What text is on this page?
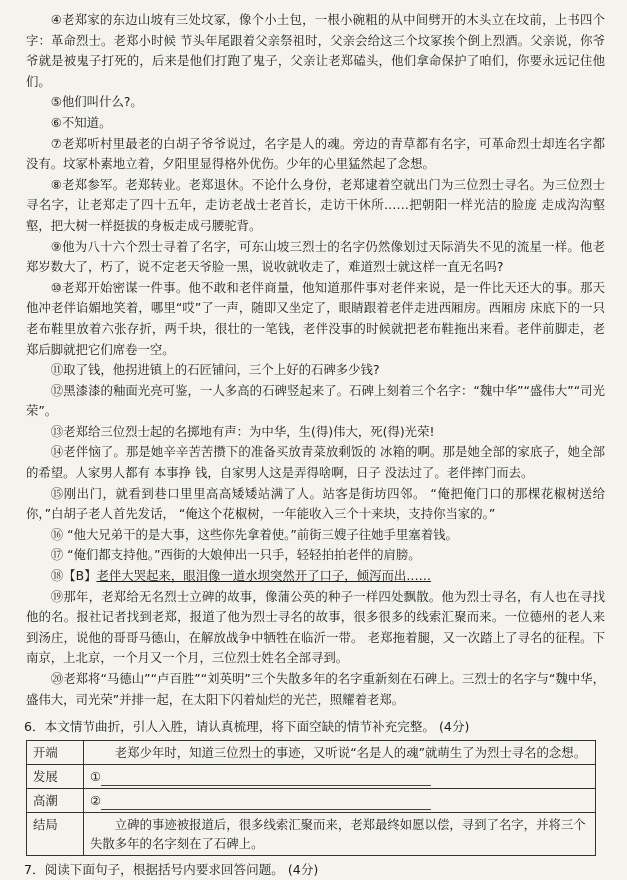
④老郑家的东边山坡有三处坟冢，像个小土包，一根小碗粗的从中间劈开的木头立在坟前，上书四个字：革命烈士。老郑小时候 节头年尾跟着父亲祭祖时，父亲会给这三个坟冢挨个倒上烈酒。父亲说，你爷爷就是被鬼子打死的，后来是他们打跑了鬼子，父亲让老郑磕头，他们拿命保护了咱们，你要永远记住他们。

⑤他们叫什么?。

⑥不知道。

⑦老郑听村里最老的白胡子爷爷说过，名字是人的魂。旁边的青草都有名字，可革命烈士却连名字都没有。坟冢朴素地立着，夕阳里显得格外优伤。少年的心里猛然起了念想。

⑧老郑参军。老郑转业。老郑退休。不论什么身份，老郑逮着空就出门为三位烈士寻名。为三位烈士寻名字，让老郑走了四十五年，走访老战士老首长，走访干休所……把朝阳一样光洁的脸庞 走成沟沟壑壑，把大树一样挺拔的身板走成弓腰驼背。

⑨他为八十六个烈士寻着了名字，可东山坡三烈士的名字仍然像划过天际消失不见的流星一样。他老郑岁数大了，朽了，说不定老天爷脸一黑，说收就收走了，难道烈士就这样一直无名吗?

⑩老郑开始密谋一件事。他不敢和老伴商量，他知道那件事对老伴来说，是一件比天还大的事。那天他冲老伴谄媚地笑着，哪里“哎”了一声，随即又坐定了，眼睛跟着老伴走进西厢房。西厢房 床底下的一只老布鞋里放着六张存折，两千块，很壮的一笔钱，老伴没事的时候就把老布鞋拖出来看。老伴前脚走，老郑后脚就把它们席卷一空。

⑪取了钱，他拐进镇上的石匠铺问，三个上好的石碑多少钱?

⑫黑漆漆的釉面光亮可鉴，一人多高的石碑竖起来了。石碑上刻着三个名字：“魏中华”“盛伟大”“司光荣”。

⑬老郑给三位烈士起的名掷地有声：为中华，生(得)伟大，死(得)光荣!

⑭老伴恼了。那是她辛辛苦苦攒下的准备买放青菜放剩饭的 冰箱的啊。那是她全部的家底子，她全部的希望。人家男人都有 本事挣 钱，自家男人这是弄得啥啊，日子 没法过了。老伴摔门而去。

⑮刚出门，就看到巷口里里高高矮矮站满了人。站客是街坊四邻。 “俺把俺门口的那棵花椒树送给你，”白胡子老人首先发话， “俺这个花椒树，一年能收入三个十来块，支持你当家的。”

⑯ “他大兄弟干的是大事，这些你先拿着使。”前街三嫂子往她手里塞着钱。

⑰ “俺们都支持他。”西街的大娘伸出一只手，轻轻拍拍老伴的肩膀。

⑱【B】老伴大哭起来，眼泪像一道水坝突然开了口子，倾泻而出……

⑲那年，老郑给无名烈士立碑的故事，像蒲公英的种子一样四处飘散。他为烈士寻名，有人也在寻找他的名。报社记者找到老郑，报道了他为烈士寻名的故事，很多很多的线索汇聚而来。一位德州的老人来到汤庄，说他的哥哥马德山，在解放战争中牺牲在临沂一带。 老郑拖着腿，又一次踏上了寻名的征程。下南京，上北京，一个月又一个月，三位烈士姓名全部寻到。

⑳老郑将“马德山”“卢百胜”“刘英明”三个失散多年的名字重新刻在石碑上。三烈士的名字与“魏中华，盛伟大，司光荣”并排一起，在太阳下闪着灿烂的光芒，照耀着老郑。

6．本文情节曲折，引人入胜，请认真梳理，将下面空缺的情节补充完整。 (4分)
开端	老郑少年时，知道三位烈士的事迹，又听说“名是人的魂”就萌生了为烈士寻名的念想。

发展	①
高潮	②
结局	立碑的事迹被报道后，很多线索汇聚而来，老郑最终如愿以偿，寻到了名字，并将三个失散多年的名字刻在了石碑上。
7．阅读下面句子，根据括号内要求回答问题。 (4分)
